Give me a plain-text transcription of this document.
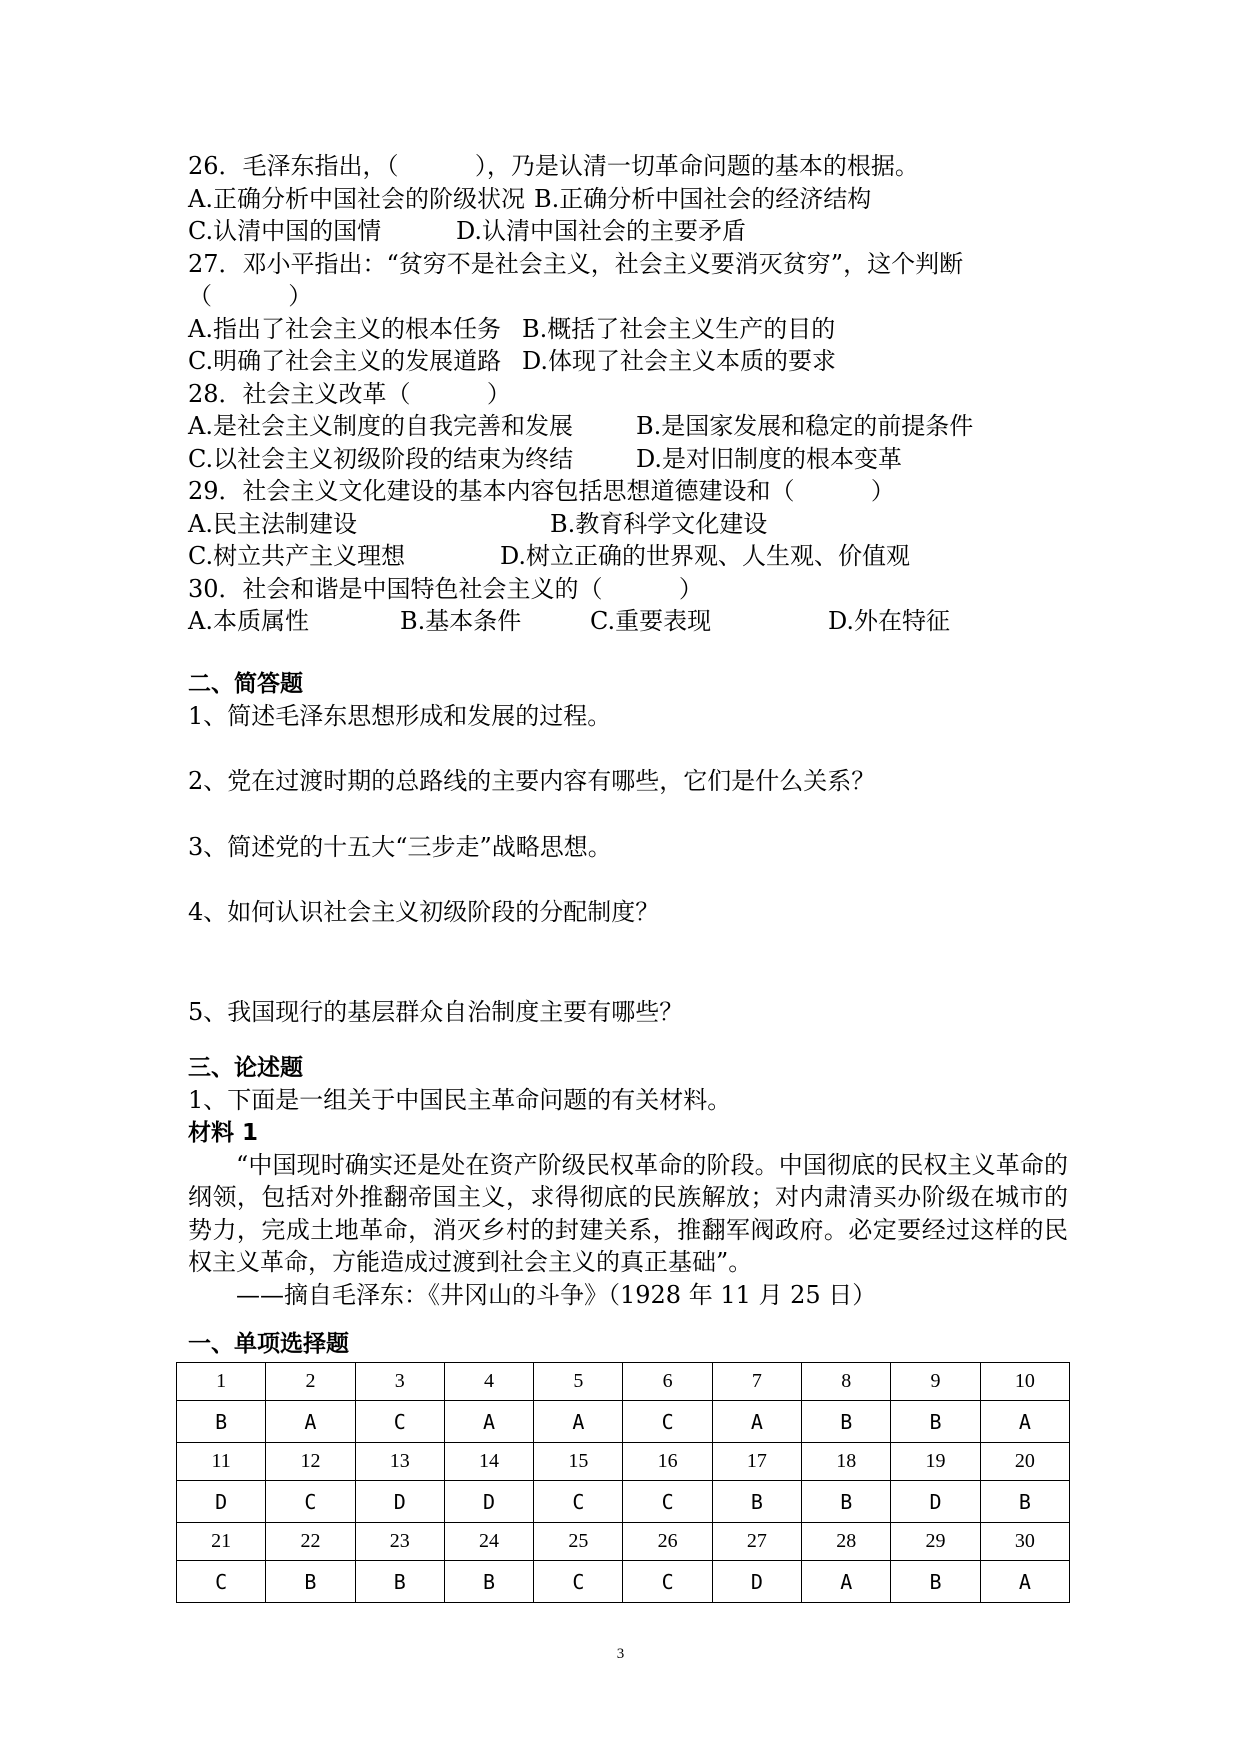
26．毛泽东指出，（          ），乃是认清一切革命问题的基本的根据。
A.正确分析中国社会的阶级状况 B.正确分析中国社会的经济结构
C.认清中国的国情	D.认清中国社会的主要矛盾
27．邓小平指出：“贫穷不是社会主义，社会主义要消灭贫穷”，这个判断
（          ）
A.指出了社会主义的根本任务 B.概括了社会主义生产的目的
C.明确了社会主义的发展道路 D.体现了社会主义本质的要求
28．社会主义改革（          ）
A.是社会主义制度的自我完善和发展	B.是国家发展和稳定的前提条件
C.以社会主义初级阶段的结束为终结	D.是对旧制度的根本变革
29．社会主义文化建设的基本内容包括思想道德建设和（          ）
A.民主法制建设	B.教育科学文化建设
C.树立共产主义理想	D.树立正确的世界观、人生观、价值观
30．社会和谐是中国特色社会主义的（          ）
A.本质属性	B.基本条件	C.重要表现	D.外在特征
二、简答题
1、简述毛泽东思想形成和发展的过程。
2、党在过渡时期的总路线的主要内容有哪些，它们是什么关系？
3、简述党的十五大“三步走”战略思想。
4、如何认识社会主义初级阶段的分配制度？
5、我国现行的基层群众自治制度主要有哪些？
三、论述题
1、下面是一组关于中国民主革命问题的有关材料。
材料 1
“中国现时确实还是处在资产阶级民权革命的阶段。中国彻底的民权主义革命的纲领，包括对外推翻帝国主义，求得彻底的民族解放；对内肃清买办阶级在城市的势力，完成土地革命，消灭乡村的封建关系，推翻军阀政府。必定要经过这样的民权主义革命，方能造成过渡到社会主义的真正基础”。
——摘自毛泽东：《井冈山的斗争》（1928 年 11 月 25 日）
一、单项选择题
1	2	3	4	5	6	7	8	9	10
B	A	C	A	A	C	A	B	B	A
11	12	13	14	15	16	17	18	19	20
D	C	D	D	C	C	B	B	D	B
21	22	23	24	25	26	27	28	29	30
C	B	B	B	C	C	D	A	B	A
3
